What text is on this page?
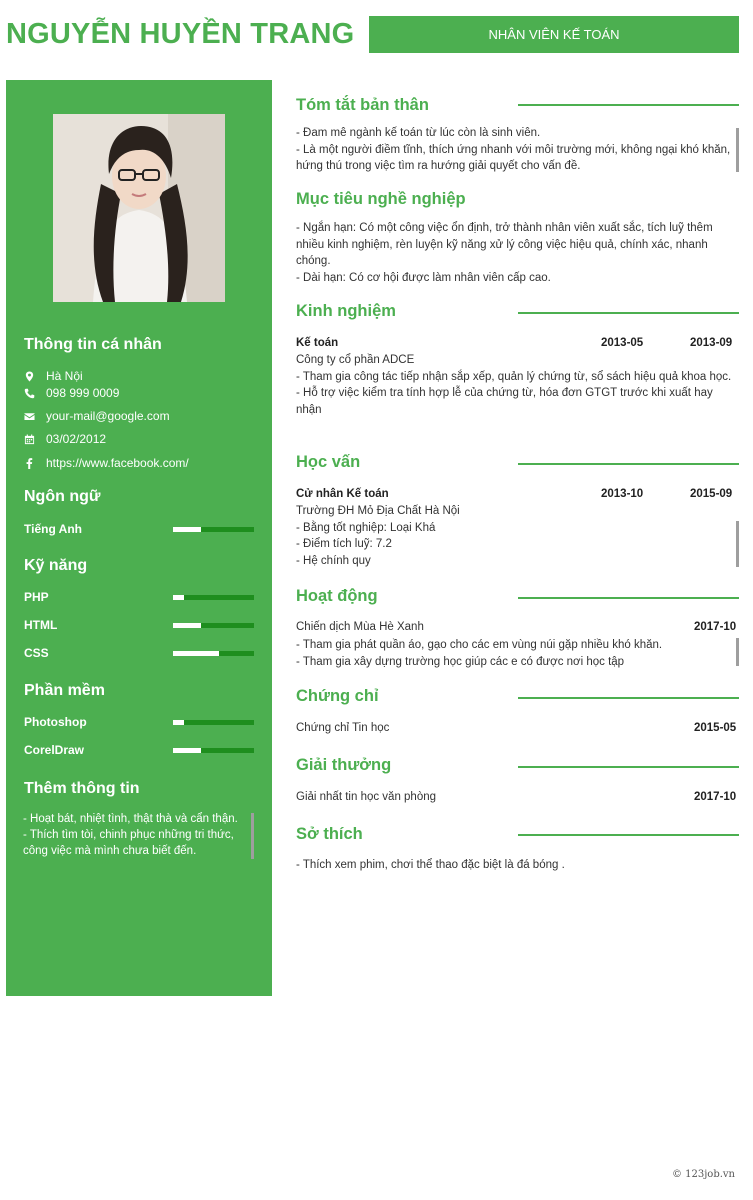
NGUYỄN HUYỀN TRANG	NHÂN VIÊN KẾ TOÁN
Thông tin cá nhân
Hà Nội
098 999 0009
your-mail@google.com
03/02/2012
https://www.facebook.com/
Ngôn ngữ
Tiếng Anh
Kỹ năng
PHP
HTML
CSS
Phần mềm
Photoshop
CorelDraw
Thêm thông tin
- Hoạt bát, nhiệt tình, thật thà và cẩn thận.
- Thích tìm tòi, chinh phục những tri thức, công việc mà mình chưa biết đến.
Tóm tắt bản thân
- Đam mê ngành kế toán từ lúc còn là sinh viên.
- Là một người điềm tĩnh, thích ứng nhanh với môi trường mới, không ngại khó khăn, hứng thú trong việc tìm ra hướng giải quyết cho vấn đề.
Mục tiêu nghề nghiệp
- Ngắn hạn: Có một công việc ổn định, trở thành nhân viên xuất sắc, tích luỹ thêm nhiều kinh nghiệm, rèn luyện kỹ năng xử lý công việc hiệu quả, chính xác, nhanh chóng.
- Dài hạn: Có cơ hội được làm nhân viên cấp cao.
Kinh nghiệm
Kế toán	2013-05	2013-09
Công ty cổ phần ADCE
- Tham gia công tác tiếp nhận sắp xếp, quản lý chứng từ, sổ sách hiệu quả khoa học.
- Hỗ trợ việc kiểm tra tính hợp lễ của chứng từ, hóa đơn GTGT trước khi xuất hay nhận
Học vấn
Cử nhân Kế toán	2013-10	2015-09
Trường ĐH Mỏ Địa Chất Hà Nội
- Bằng tốt nghiệp: Loại Khá
- Điểm tích luỹ: 7.2
- Hệ chính quy
Hoạt động
Chiến dịch Mùa Hè Xanh	2017-10
- Tham gia phát quần áo, gạo cho các em vùng núi gặp nhiều khó khăn.
- Tham gia xây dựng trường học giúp các e có được nơi học tập
Chứng chỉ
Chứng chỉ Tin học	2015-05
Giải thưởng
Giải nhất tin học văn phòng	2017-10
Sở thích
- Thích xem phim, chơi thể thao đặc biệt là đá bóng .
© 123job.vn
